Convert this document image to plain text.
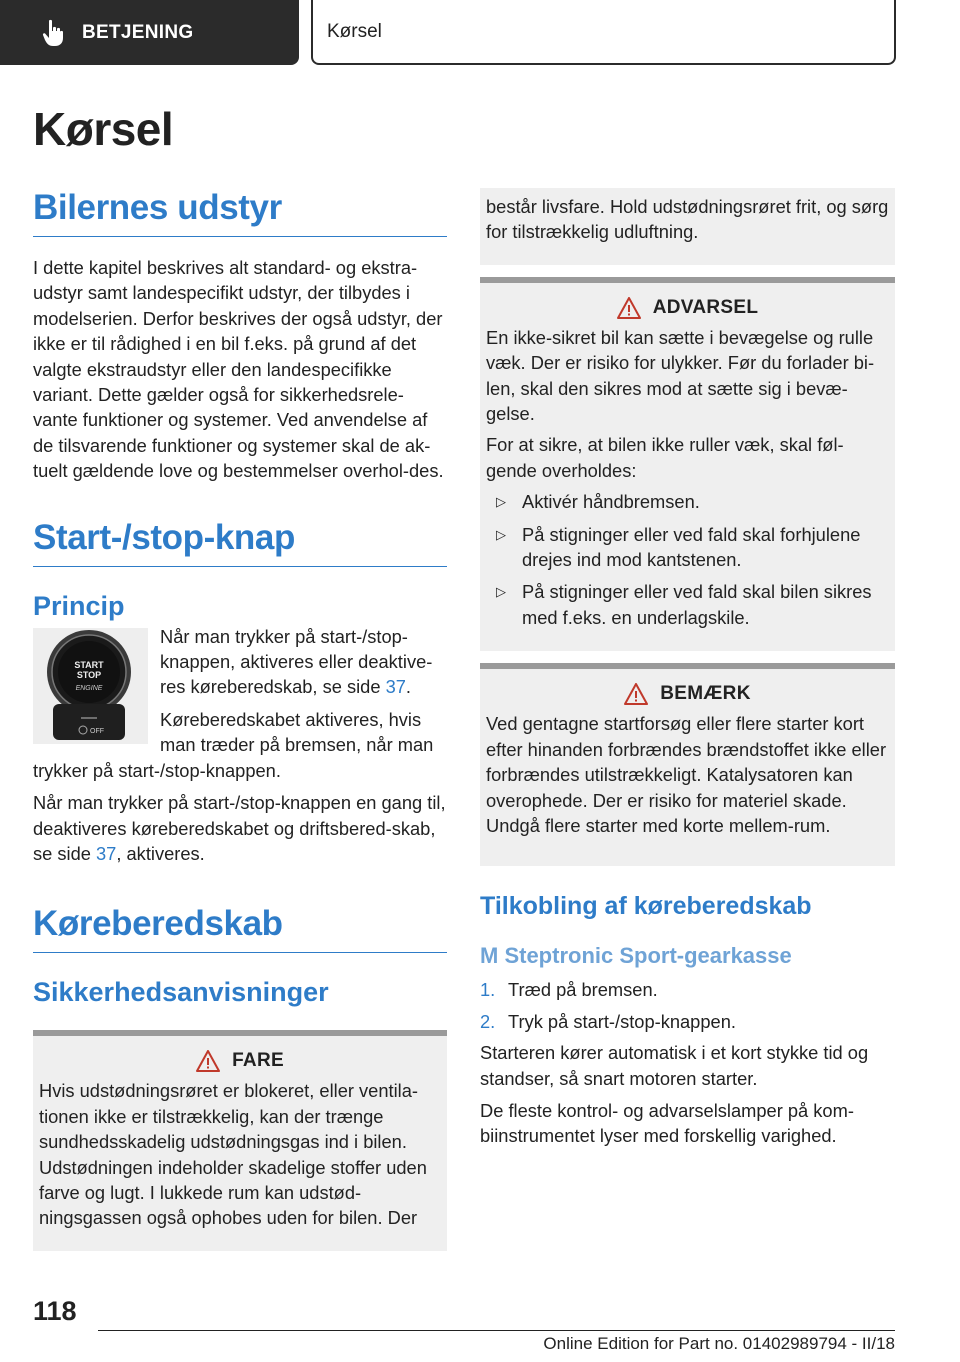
BETJENING	Kørsel
Kørsel
Bilernes udstyr

I dette kapitel beskrives alt standard- og ekstra-udstyr samt landespecifikt udstyr, der tilbydes i modelserien. Derfor beskrives der også udstyr, der ikke er til rådighed i en bil f.eks. på grund af det valgte ekstraudstyr eller den landespecifikke variant. Dette gælder også for sikkerhedsrele-vante funktioner og systemer. Ved anvendelse af de tilsvarende funktioner og systemer skal de ak-tuelt gældende love og bestemmelser overhol-des.

Start-/stop-knap
Princip
START
STOP
ENGINE
OFF

Når man trykker på start-/stop-knappen, aktiveres eller deaktive-res køreberedskab, se side 37.

Køreberedskabet aktiveres, hvis man træder på bremsen, når man trykker på start-/stop-knappen.

Når man trykker på start-/stop-knappen en gang til, deaktiveres køreberedskabet og driftsbered-skab, se side 37, aktiveres.

Køreberedskab
Sikkerhedsanvisninger
FARE

Hvis udstødningsrøret er blokeret, eller ventila-tionen ikke er tilstrækkelig, kan der trænge sundhedsskadelig udstødningsgas ind i bilen. Udstødningen indeholder skadelige stoffer uden farve og lugt. I lukkede rum kan udstød-ningsgassen også ophobes uden for bilen. Der

består livsfare. Hold udstødningsrøret frit, og sørg for tilstrækkelig udluftning.

ADVARSEL

En ikke-sikret bil kan sætte i bevægelse og rulle væk. Der er risiko for ulykker. Før du forlader bi-len, skal den sikres mod at sætte sig i bevæ-gelse.

For at sikre, at bilen ikke ruller væk, skal føl-gende overholdes:

▷ Aktivér håndbremsen.
▷ På stigninger eller ved fald skal forhjulene drejes ind mod kantstenen.
▷ På stigninger eller ved fald skal bilen sikres med f.eks. en underlagskile.
BEMÆRK

Ved gentagne startforsøg eller flere starter kort efter hinanden forbrændes brændstoffet ikke eller forbrændes utilstrækkeligt. Katalysatoren kan overophede. Der er risiko for materiel skade. Undgå flere starter med korte mellem-rum.

Tilkobling af køreberedskab
M Steptronic Sport-gearkasse
1. Træd på bremsen.
2. Tryk på start-/stop-knappen.

Starteren kører automatisk i et kort stykke tid og standser, så snart motoren starter.

De fleste kontrol- og advarselslamper på kom-biinstrumentet lyser med forskellig varighed.

118
Online Edition for Part no. 01402989794 - II/18
